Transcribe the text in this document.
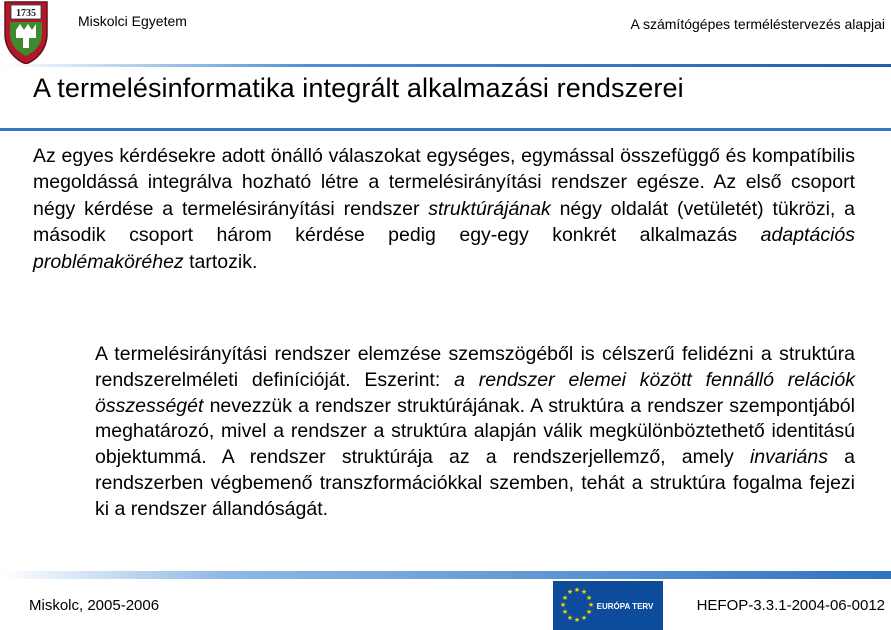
1735	Miskolci Egyetem	A számítógépes terméléstervezés alapjai
A termelésinformatika integrált alkalmazási rendszerei

Az egyes kérdésekre adott önálló válaszokat egységes, egymással összefüggő és kompatíbilis megoldássá integrálva hozható létre a termelésirányítási rendszer egésze. Az első csoport négy kérdése a termelésirányítási rendszer struktúrájának négy oldalát (vetületét) tükrözi, a második csoport három kérdése pedig egy-egy konkrét alkalmazás adaptációs problémaköréhez tartozik.

A termelésirányítási rendszer elemzése szemszögéből is célszerű felidézni a struktúra rendszerelméleti definícióját. Eszerint: a rendszer elemei között fennálló relációk összességét nevezzük a rendszer struktúrájának. A struktúra a rendszer szempontjából meghatározó, mivel a rendszer a struktúra alapján válik megkülönböztethető identitású objektummá. A rendszer struktúrája az a rendszerjellemző, amely invariáns a rendszerben végbemenő transzformációkkal szemben, tehát a struktúra fogalma fejezi ki a rendszer állandóságát.

Miskolc, 2005-2006
★ ★
★
★
★
★
★
★
★
★
★
★
EURÓPA TERV	HEFOP-3.3.1-2004-06-0012
